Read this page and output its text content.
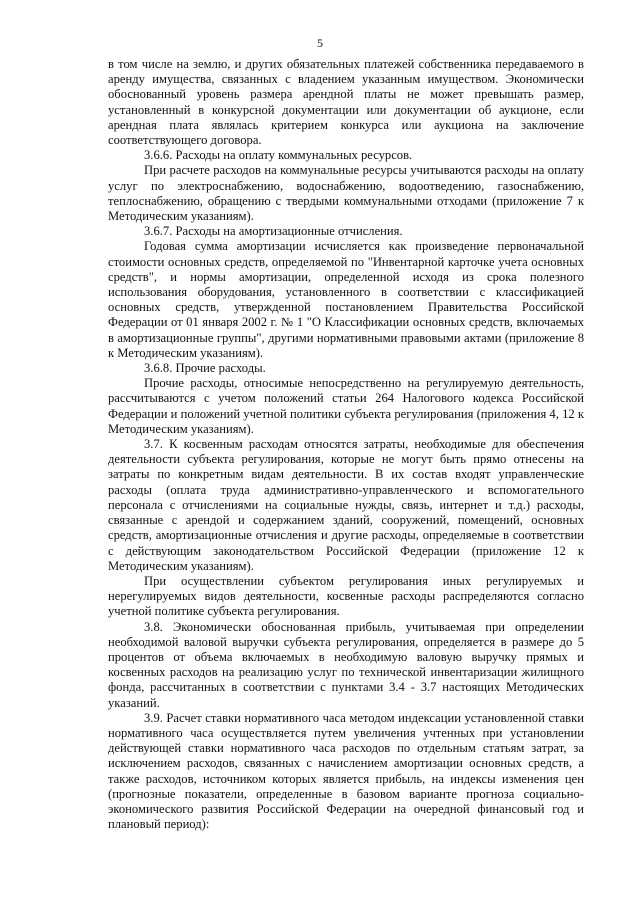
5

в том числе на землю, и других обязательных платежей собственника передаваемого в аренду имущества, связанных с владением указанным имуществом. Экономически обоснованный уровень размера арендной платы не может превышать размер, установленный в конкурсной документации или документации об аукционе, если арендная плата являлась критерием конкурса или аукциона на заключение соответствующего договора.

3.6.6. Расходы на оплату коммунальных ресурсов.

При расчете расходов на коммунальные ресурсы учитываются расходы на оплату услуг по электроснабжению, водоснабжению, водоотведению, газоснабжению, теплоснабжению, обращению с твердыми коммунальными отходами (приложение 7 к Методическим указаниям).

3.6.7. Расходы на амортизационные отчисления.

Годовая сумма амортизации исчисляется как произведение первоначальной стоимости основных средств, определяемой по "Инвентарной карточке учета основных средств", и нормы амортизации, определенной исходя из срока полезного использования оборудования, установленного в соответствии с классификацией основных средств, утвержденной постановлением Правительства Российской Федерации от 01 января 2002 г. № 1 "О Классификации основных средств, включаемых в амортизационные группы", другими нормативными правовыми актами (приложение 8 к Методическим указаниям).

3.6.8. Прочие расходы.

Прочие расходы, относимые непосредственно на регулируемую деятельность, рассчитываются с учетом положений статьи 264 Налогового кодекса Российской Федерации и положений учетной политики субъекта регулирования (приложения 4, 12 к Методическим указаниям).

3.7. К косвенным расходам относятся затраты, необходимые для обеспечения деятельности субъекта регулирования, которые не могут быть прямо отнесены на затраты по конкретным видам деятельности. В их состав входят управленческие расходы (оплата труда административно-управленческого и вспомогательного персонала с отчислениями на социальные нужды, связь, интернет и т.д.) расходы, связанные с арендой и содержанием зданий, сооружений, помещений, основных средств, амортизационные отчисления и другие расходы, определяемые в соответствии с действующим законодательством Российской Федерации (приложение 12 к Методическим указаниям).

При осуществлении субъектом регулирования иных регулируемых и нерегулируемых видов деятельности, косвенные расходы распределяются согласно учетной политике субъекта регулирования.

3.8. Экономически обоснованная прибыль, учитываемая при определении необходимой валовой выручки субъекта регулирования, определяется в размере до 5 процентов от объема включаемых в необходимую валовую выручку прямых и косвенных расходов на реализацию услуг по технической инвентаризации жилищного фонда, рассчитанных в соответствии с пунктами 3.4 - 3.7 настоящих Методических указаний.

3.9. Расчет ставки нормативного часа методом индексации установленной ставки нормативного часа осуществляется путем увеличения учтенных при установлении действующей ставки нормативного часа расходов по отдельным статьям затрат, за исключением расходов, связанных с начислением амортизации основных средств, а также расходов, источником которых является прибыль, на индексы изменения цен (прогнозные показатели, определенные в базовом варианте прогноза социально-экономического развития Российской Федерации на очередной финансовый год и плановый период):
